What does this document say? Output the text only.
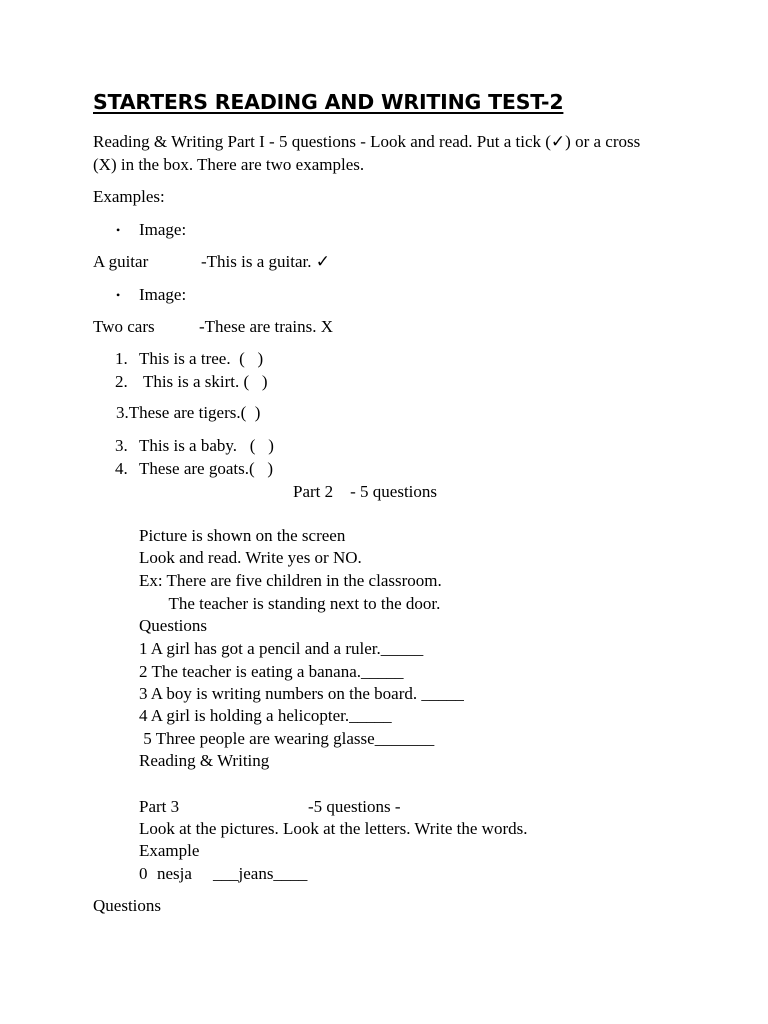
STARTERS READING AND WRITING TEST-2
Reading & Writing Part I - 5 questions - Look and read. Put a tick (✓) or a cross
(X) in the box. There are two examples.
Examples:
• Image:
A guitar	-This is a guitar. ✓
• Image:
Two cars	-These are trains. X
1. This is a tree.  (   )
2. This is a skirt. (   )
3.These are tigers.(  )
3. This is a baby.   (   )
4. These are goats.(   )
Part 2    - 5 questions
Picture is shown on the screen
Look and read. Write yes or NO.
Ex: There are five children in the classroom.
The teacher is standing next to the door.
Questions
1 A girl has got a pencil and a ruler._____
2 The teacher is eating a banana._____
3 A boy is writing numbers on the board. _____
4 A girl is holding a helicopter._____
5 Three people are wearing glasse_______
Reading & Writing
Part 3	-5 questions -
Look at the pictures. Look at the letters. Write the words.
Example
0 nesja ___jeans____
Questions
